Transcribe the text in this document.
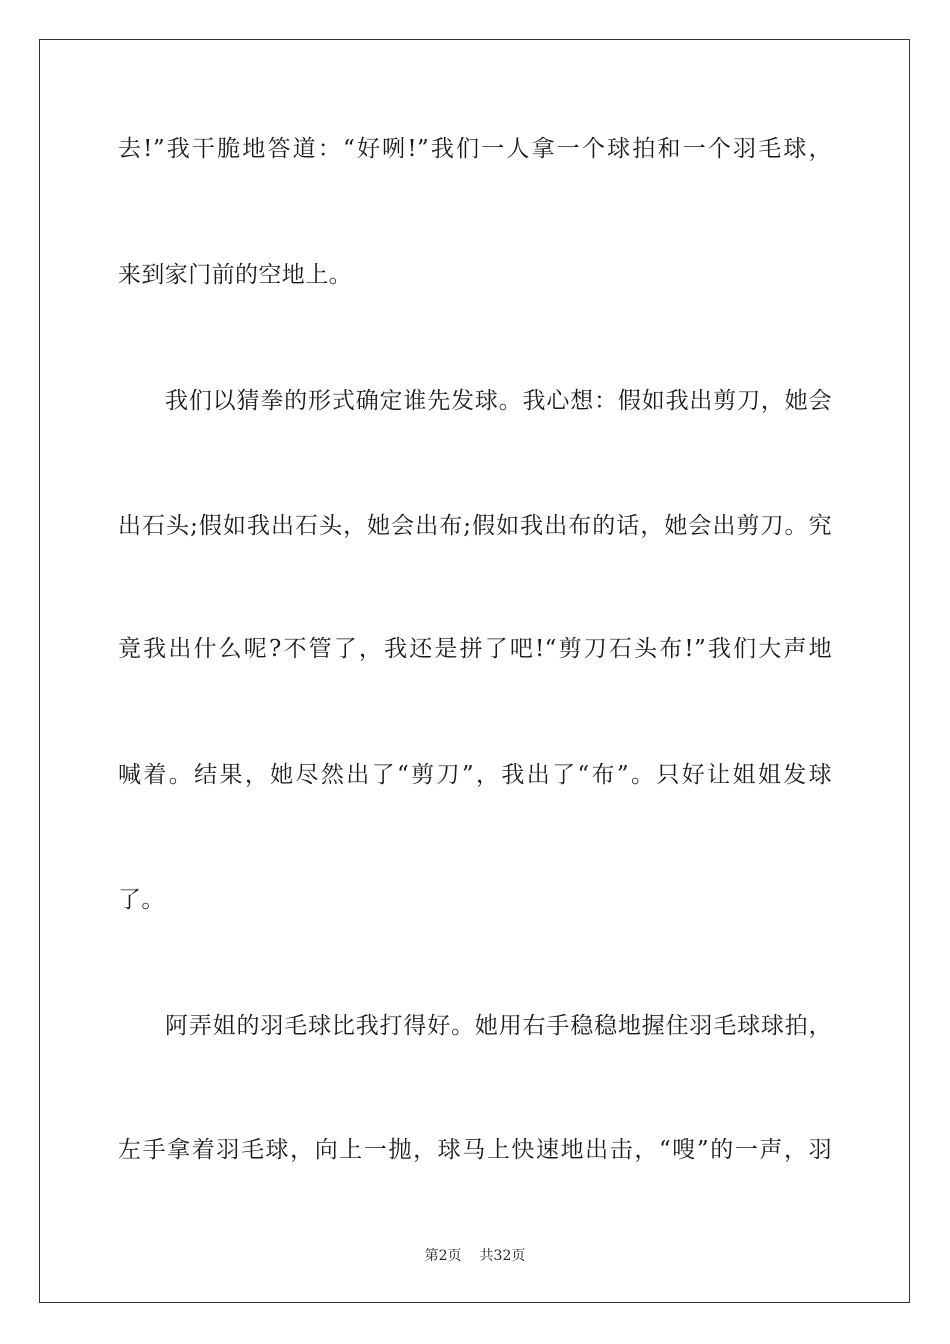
去!”我干脆地答道：“好咧!”我们一人拿一个球拍和一个羽毛球，
来到家门前的空地上。
我们以猜拳的形式确定谁先发球。我心想：假如我出剪刀，她会
出石头;假如我出石头，她会出布;假如我出布的话，她会出剪刀。究
竟我出什么呢?不管了，我还是拼了吧!“剪刀石头布!”我们大声地
喊着。结果，她尽然出了“剪刀”，我出了“布”。只好让姐姐发球
了。
阿弄姐的羽毛球比我打得好。她用右手稳稳地握住羽毛球球拍，
左手拿着羽毛球，向上一抛，球马上快速地出击，“嗖”的一声，羽
第2页 共32页
